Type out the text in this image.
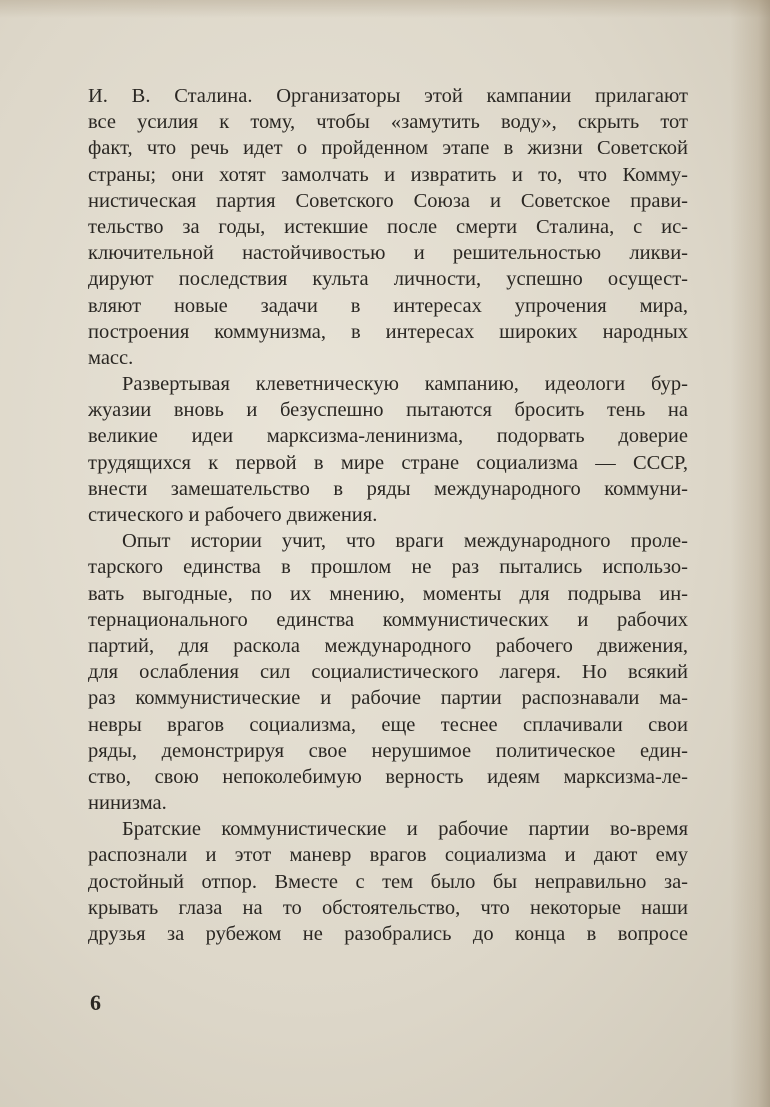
И. В. Сталина. Организаторы этой кампании прилагают
все усилия к тому, чтобы «замутить воду», скрыть тот
факт, что речь идет о пройденном этапе в жизни Советской
страны; они хотят замолчать и извратить и то, что Комму-
нистическая партия Советского Союза и Советское прави-
тельство за годы, истекшие после смерти Сталина, с ис-
ключительной настойчивостью и решительностью ликви-
дируют последствия культа личности, успешно осущест-
вляют новые задачи в интересах упрочения мира,
построения коммунизма, в интересах широких народных
масс.
Развертывая клеветническую кампанию, идеологи бур-
жуазии вновь и безуспешно пытаются бросить тень на
великие идеи марксизма-ленинизма, подорвать доверие
трудящихся к первой в мире стране социализма — СССР,
внести замешательство в ряды международного коммуни-
стического и рабочего движения.
Опыт истории учит, что враги международного проле-
тарского единства в прошлом не раз пытались использо-
вать выгодные, по их мнению, моменты для подрыва ин-
тернационального единства коммунистических и рабочих
партий, для раскола международного рабочего движения,
для ослабления сил социалистического лагеря. Но всякий
раз коммунистические и рабочие партии распознавали ма-
невры врагов социализма, еще теснее сплачивали свои
ряды, демонстрируя свое нерушимое политическое един-
ство, свою непоколебимую верность идеям марксизма-ле-
нинизма.
Братские коммунистические и рабочие партии во-время
распознали и этот маневр врагов социализма и дают ему
достойный отпор. Вместе с тем было бы неправильно за-
крывать глаза на то обстоятельство, что некоторые наши
друзья за рубежом не разобрались до конца в вопросе
6
